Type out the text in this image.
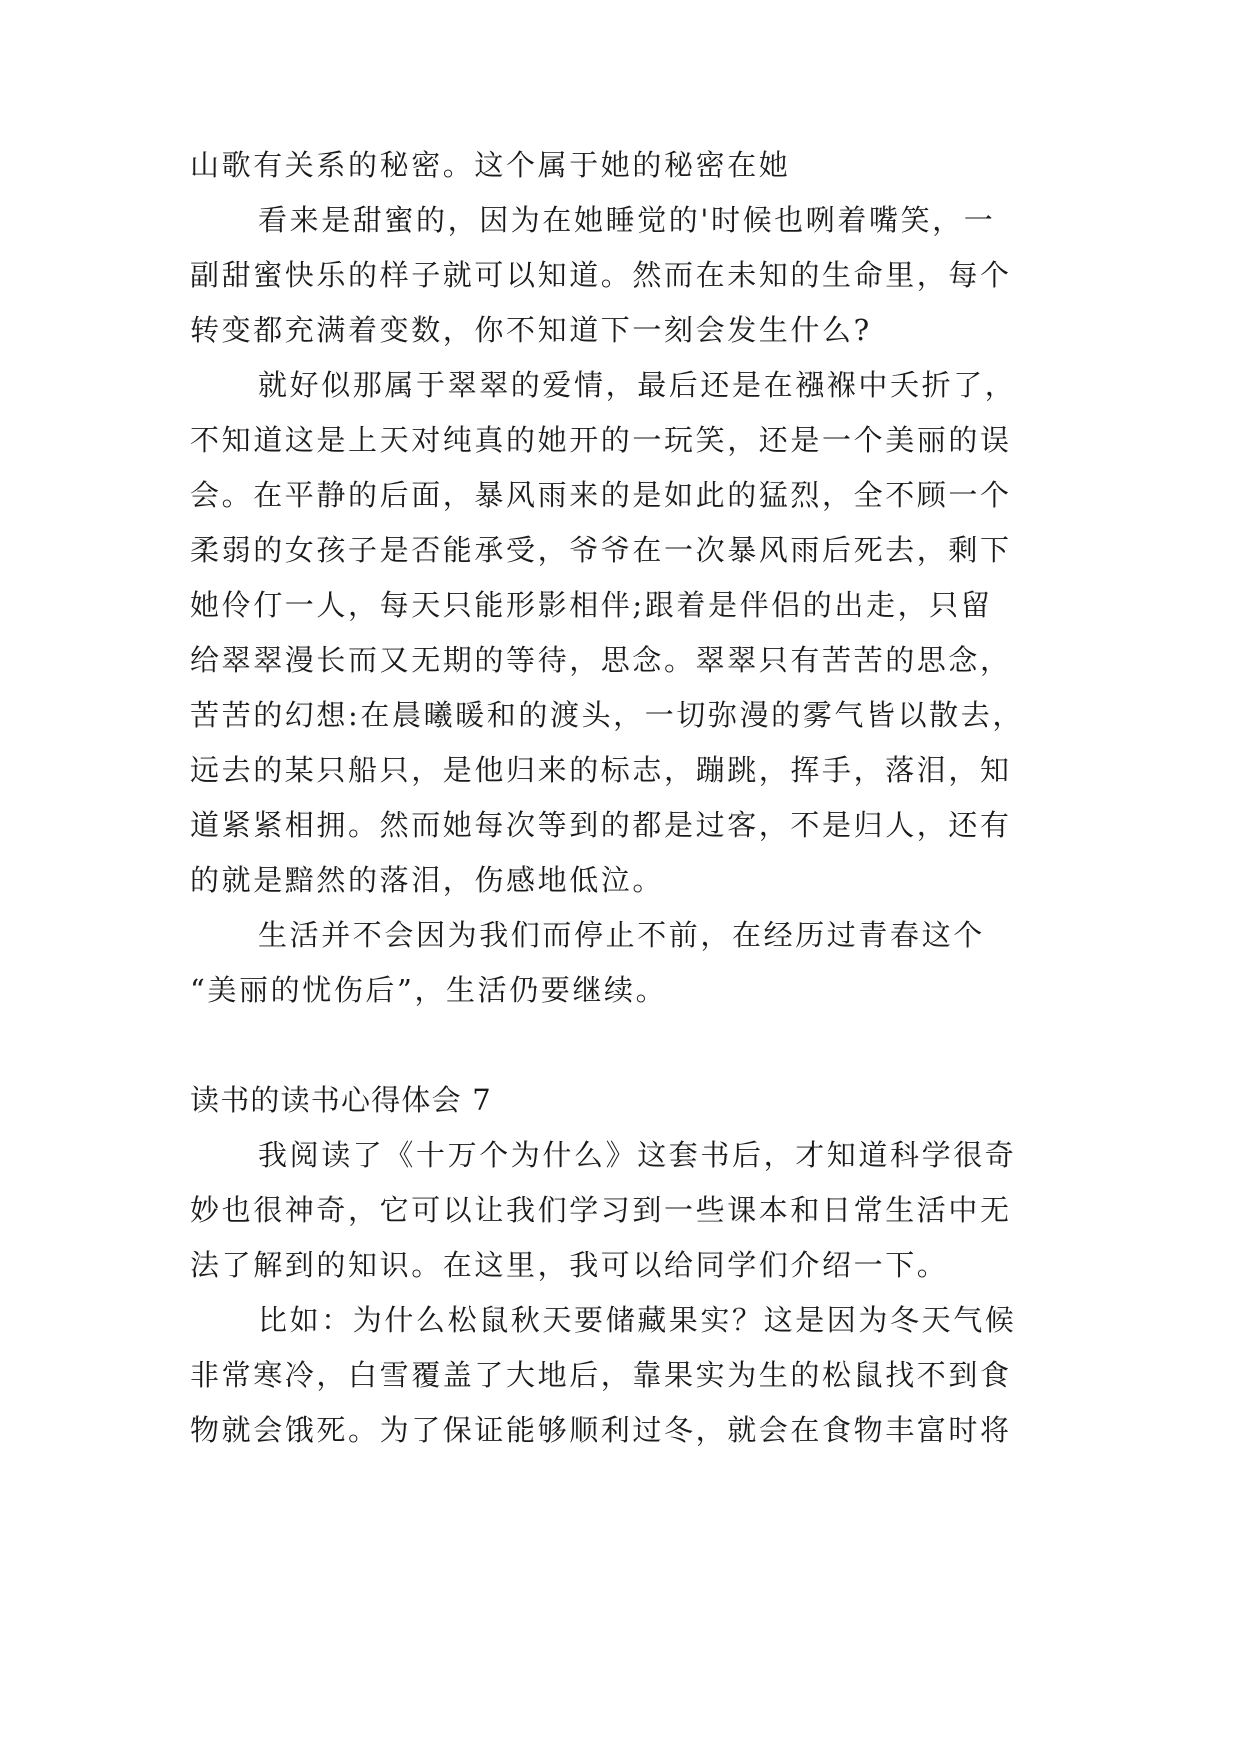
山歌有关系的秘密。这个属于她的秘密在她
看来是甜蜜的，因为在她睡觉的'时候也咧着嘴笑，一
副甜蜜快乐的样子就可以知道。然而在未知的生命里，每个
转变都充满着变数，你不知道下一刻会发生什么?
就好似那属于翠翠的爱情，最后还是在襁褓中夭折了，
不知道这是上天对纯真的她开的一玩笑，还是一个美丽的误
会。在平静的后面，暴风雨来的是如此的猛烈，全不顾一个
柔弱的女孩子是否能承受，爷爷在一次暴风雨后死去，剩下
她伶仃一人，每天只能形影相伴;跟着是伴侣的出走，只留
给翠翠漫长而又无期的等待，思念。翠翠只有苦苦的思念，
苦苦的幻想:在晨曦暖和的渡头，一切弥漫的雾气皆以散去，
远去的某只船只，是他归来的标志，蹦跳，挥手，落泪，知
道紧紧相拥。然而她每次等到的都是过客，不是归人，还有
的就是黯然的落泪，伤感地低泣。
生活并不会因为我们而停止不前，在经历过青春这个
“美丽的忧伤后”，生活仍要继续。
读书的读书心得体会 7
我阅读了《十万个为什么》这套书后，才知道科学很奇
妙也很神奇，它可以让我们学习到一些课本和日常生活中无
法了解到的知识。在这里，我可以给同学们介绍一下。
比如：为什么松鼠秋天要储藏果实？这是因为冬天气候
非常寒冷，白雪覆盖了大地后，靠果实为生的松鼠找不到食
物就会饿死。为了保证能够顺利过冬，就会在食物丰富时将
